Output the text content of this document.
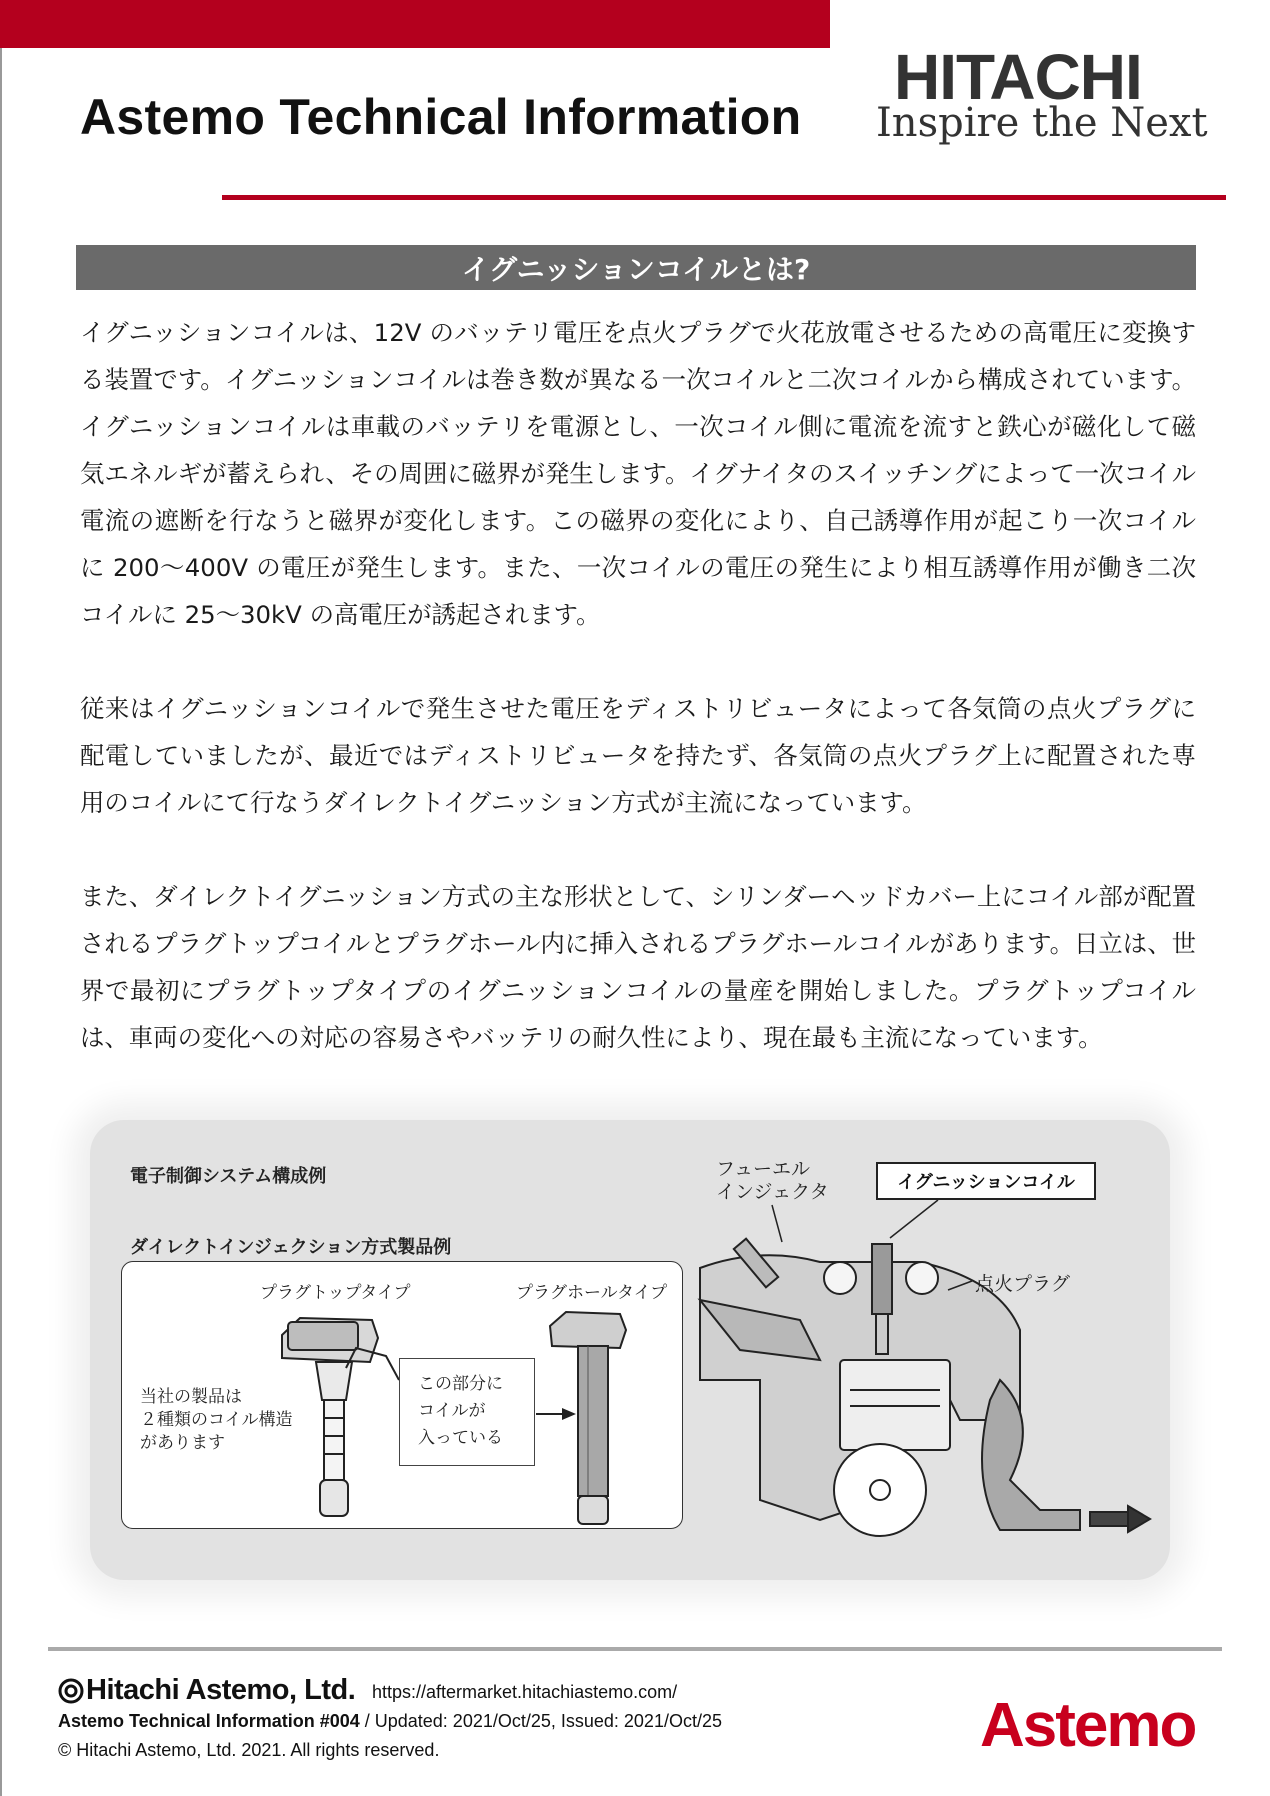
Astemo Technical Information
HITACHI
Inspire the Next
イグニッションコイルとは?
イグニッションコイルは、12V のバッテリ電圧を点火プラグで火花放電させるための高電圧に変換する装置です。イグニッションコイルは巻き数が異なる一次コイルと二次コイルから構成されています。イグニッションコイルは車載のバッテリを電源とし、一次コイル側に電流を流すと鉄心が磁化して磁気エネルギが蓄えられ、その周囲に磁界が発生します。イグナイタのスイッチングによって一次コイル電流の遮断を行なうと磁界が変化します。この磁界の変化により、自己誘導作用が起こり一次コイルに 200〜400V の電圧が発生します。また、一次コイルの電圧の発生により相互誘導作用が働き二次コイルに 25〜30kV の高電圧が誘起されます。
従来はイグニッションコイルで発生させた電圧をディストリビュータによって各気筒の点火プラグに配電していましたが、最近ではディストリビュータを持たず、各気筒の点火プラグ上に配置された専用のコイルにて行なうダイレクトイグニッション方式が主流になっています。
また、ダイレクトイグニッション方式の主な形状として、シリンダーヘッドカバー上にコイル部が配置されるプラグトップコイルとプラグホール内に挿入されるプラグホールコイルがあります。日立は、世界で最初にプラグトップタイプのイグニッションコイルの量産を開始しました。プラグトップコイルは、車両の変化への対応の容易さやバッテリの耐久性により、現在最も主流になっています。
電子制御システム構成例
ダイレクトインジェクション方式製品例
プラグトップタイプ	プラグホールタイプ
当社の製品は
２種類のコイル構造
があります
この部分に
コイルが
入っている
フューエル
インジェクタ	イグニッションコイル
点火プラグ
Hitachi Astemo, Ltd. https://aftermarket.hitachiastemo.com/
Astemo Technical Information #004 / Updated: 2021/Oct/25, Issued: 2021/Oct/25
© Hitachi Astemo, Ltd. 2021. All rights reserved.	Astemo
